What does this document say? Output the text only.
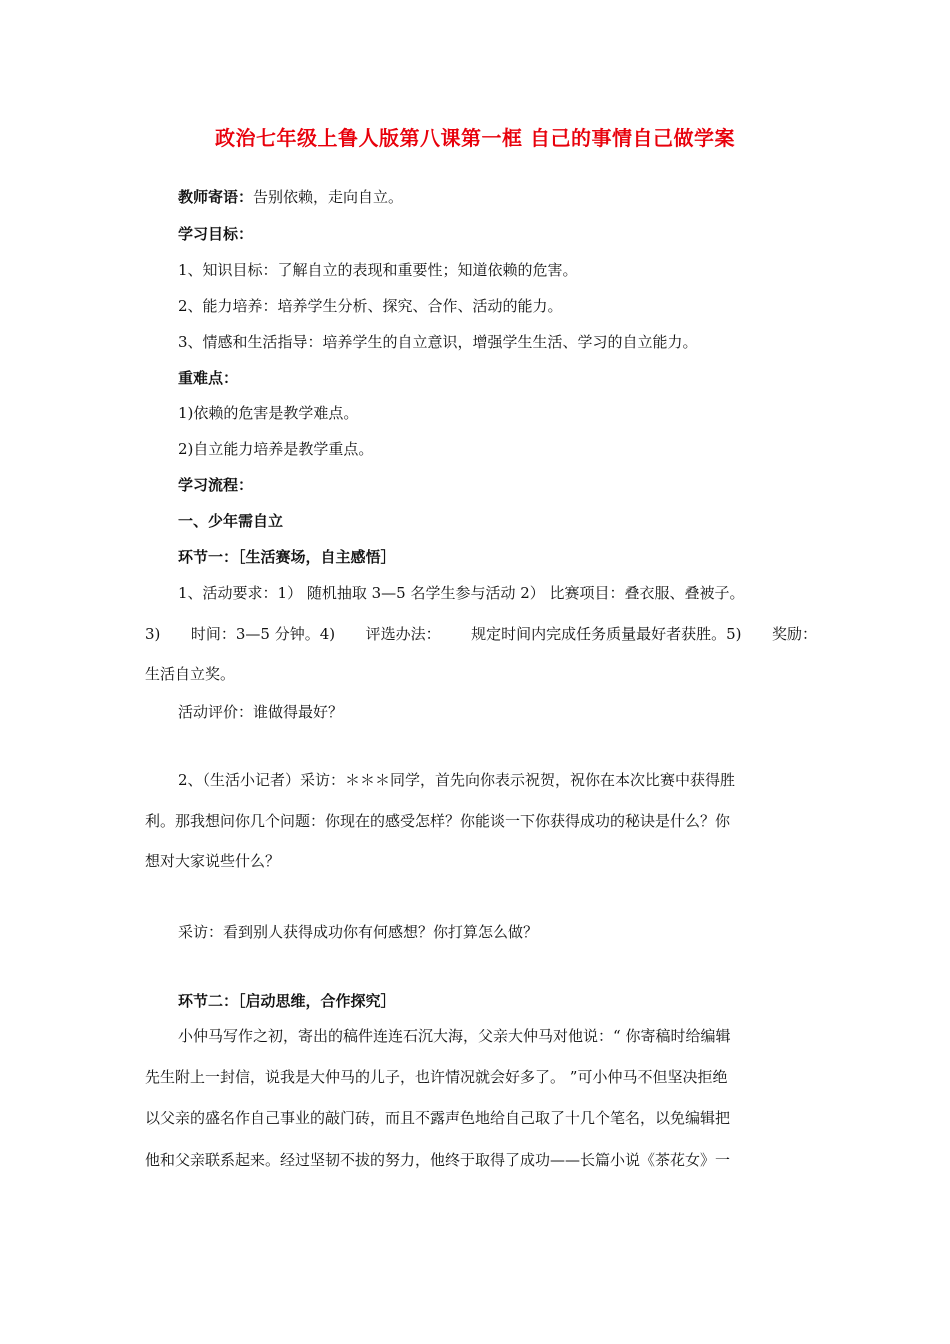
政治七年级上鲁人版第八课第一框 自己的事情自己做学案
教师寄语：告别依赖，走向自立。
学习目标：
1、知识目标：了解自立的表现和重要性；知道依赖的危害。
2、能力培养：培养学生分析、探究、合作、活动的能力。
3、情感和生活指导：培养学生的自立意识，增强学生生活、学习的自立能力。
重难点：
1)依赖的危害是教学难点。
2)自立能力培养是教学重点。
学习流程：
一、少年需自立
环节一：［生活赛场，自主感悟］
1、活动要求：1） 随机抽取 3—5 名学生参与活动 2） 比赛项目：叠衣服、叠被子。
3) 时间：3—5 分钟。4) 评选办法： 规定时间内完成任务质量最好者获胜。5) 奖励：
生活自立奖。
活动评价：谁做得最好？
2、（生活小记者）采访：＊＊＊同学，首先向你表示祝贺，祝你在本次比赛中获得胜
利。那我想问你几个问题：你现在的感受怎样？你能谈一下你获得成功的秘诀是什么？你
想对大家说些什么？
采访：看到别人获得成功你有何感想？你打算怎么做？
环节二：［启动思维，合作探究］
小仲马写作之初，寄出的稿件连连石沉大海，父亲大仲马对他说：“ 你寄稿时给编辑
先生附上一封信，说我是大仲马的儿子，也许情况就会好多了。 ”可小仲马不但坚决拒绝
以父亲的盛名作自己事业的敲门砖，而且不露声色地给自己取了十几个笔名，以免编辑把
他和父亲联系起来。经过坚韧不拔的努力，他终于取得了成功——长篇小说《茶花女》一
